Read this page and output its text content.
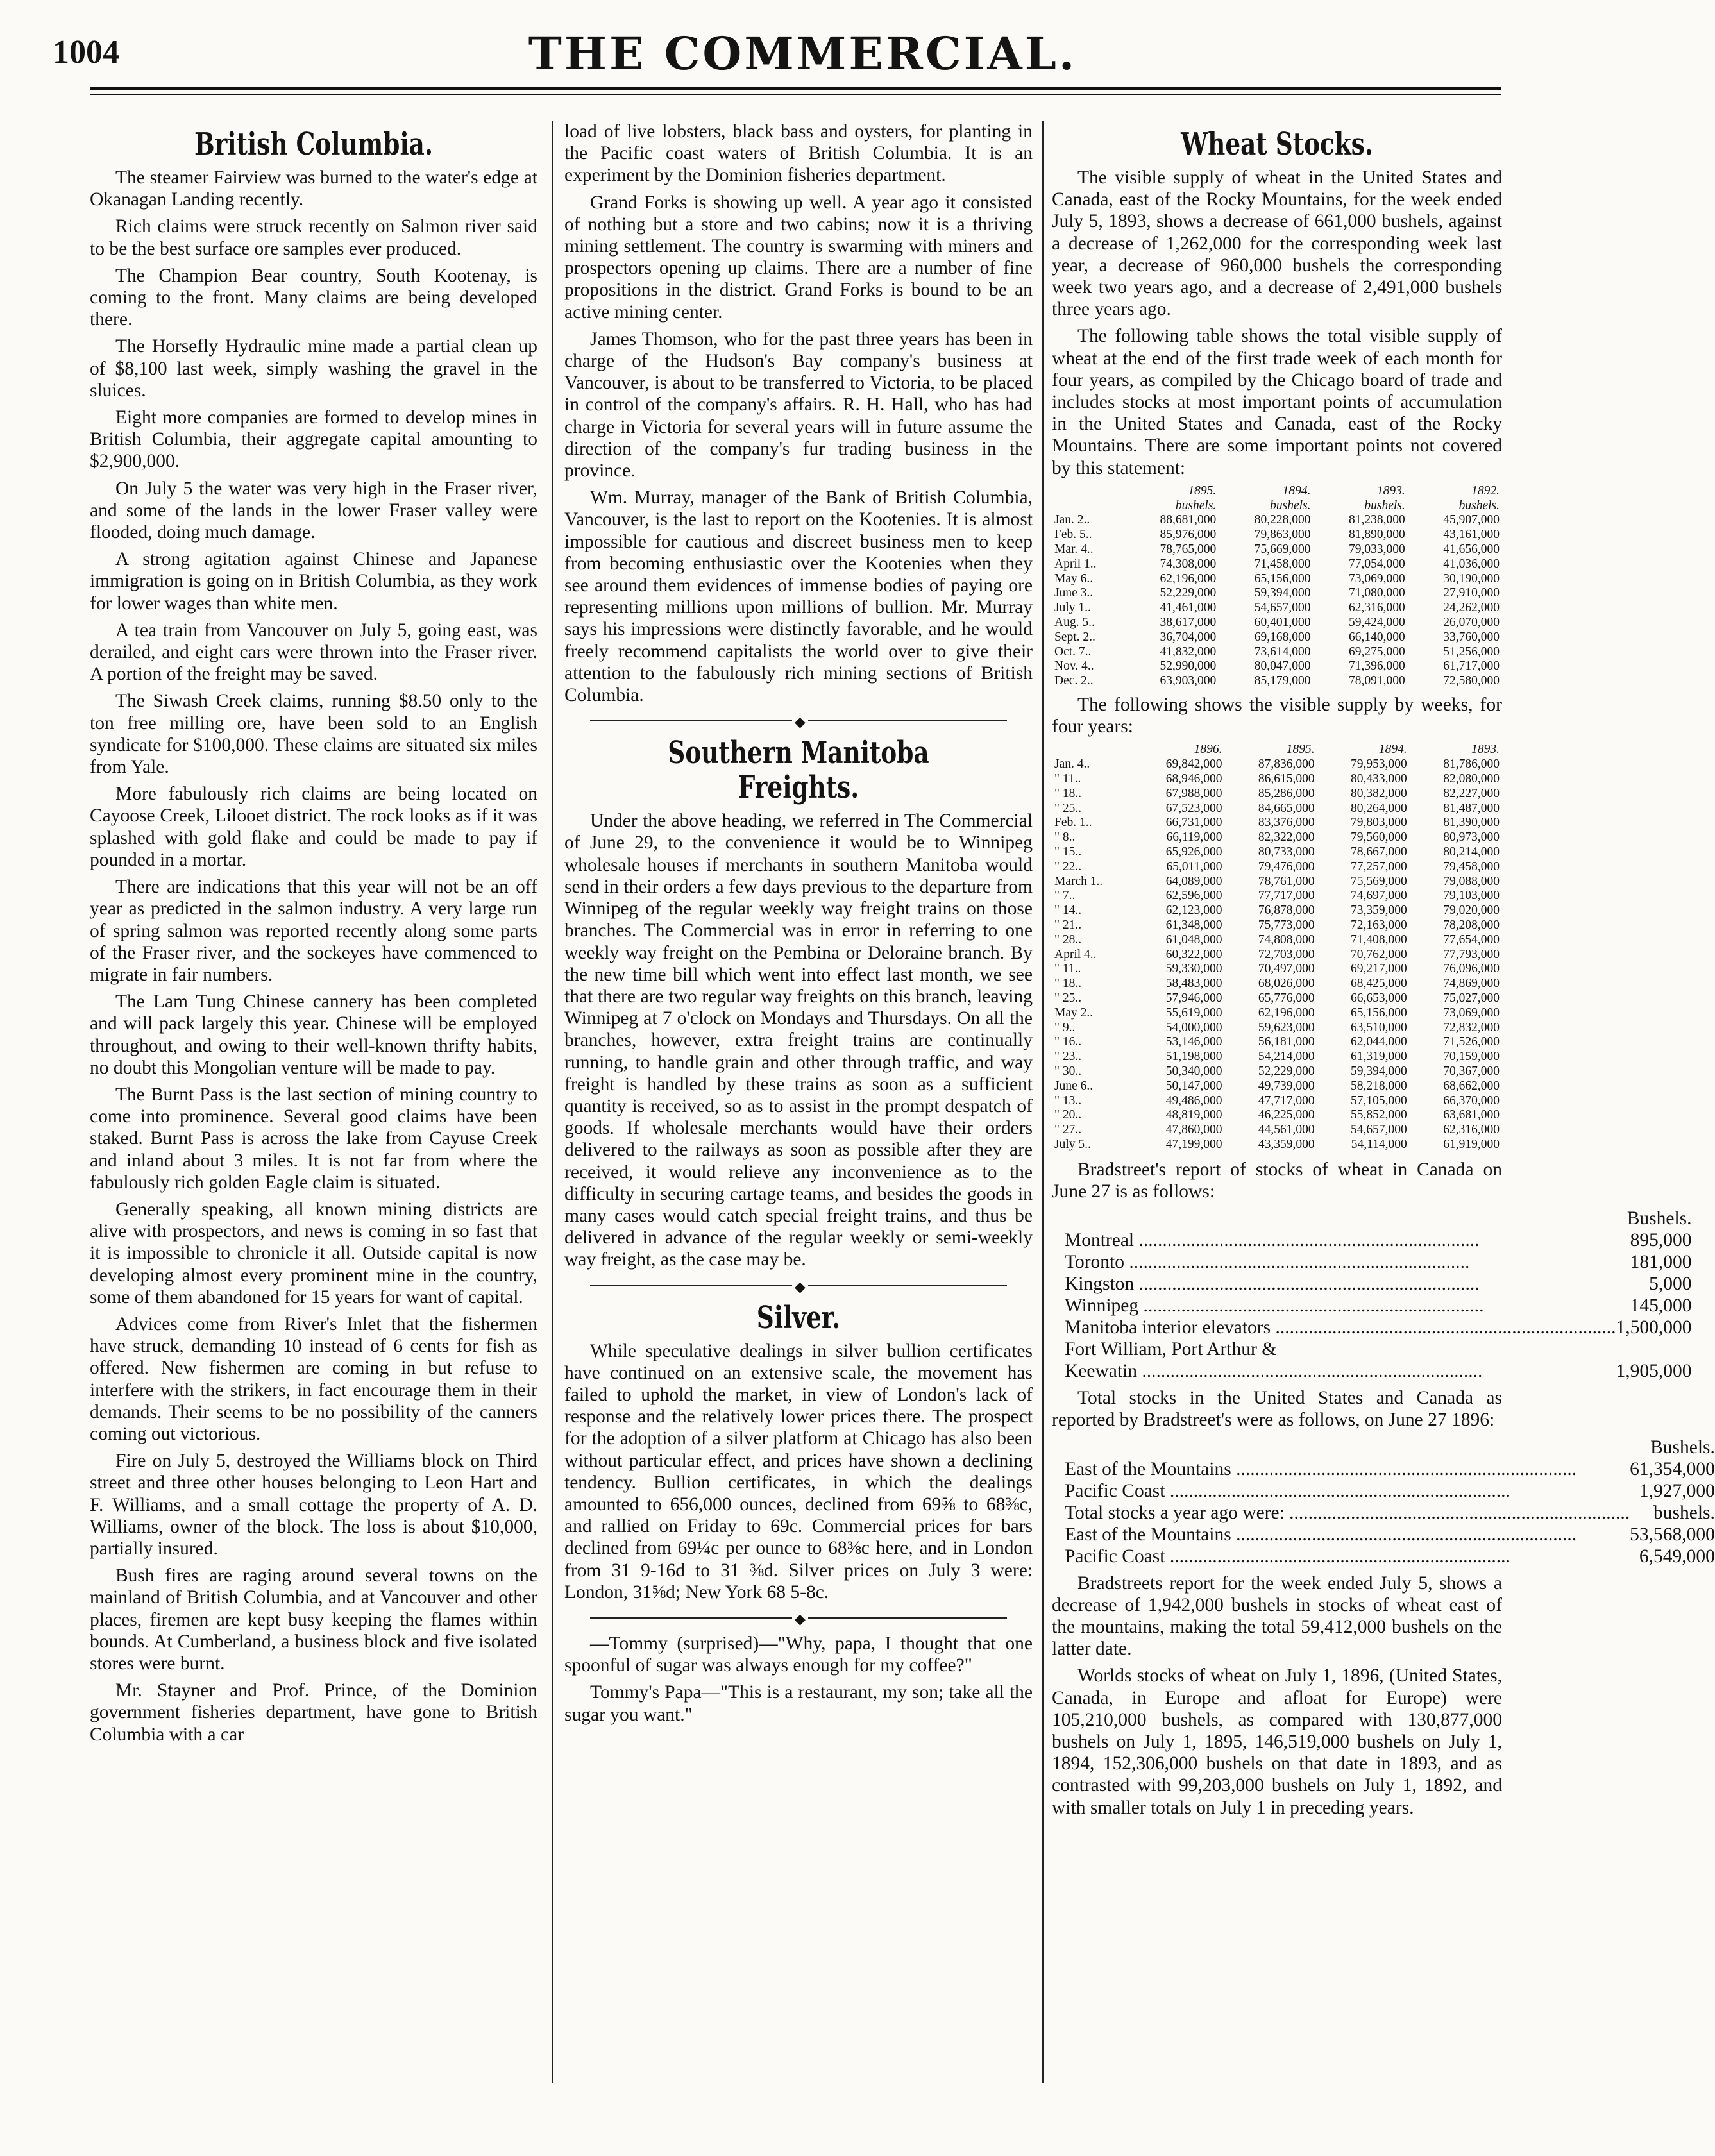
1004	THE COMMERCIAL.
British Columbia.

The steamer Fairview was burned to the water's edge at Okanagan Landing recently.

Rich claims were struck recently on Salmon river said to be the best surface ore samples ever produced.

The Champion Bear country, South Kootenay, is coming to the front. Many claims are being developed there.

The Horsefly Hydraulic mine made a partial clean up of $8,100 last week, simply washing the gravel in the sluices.

Eight more companies are formed to develop mines in British Columbia, their aggregate capital amounting to $2,900,000.

On July 5 the water was very high in the Fraser river, and some of the lands in the lower Fraser valley were flooded, doing much damage.

A strong agitation against Chinese and Japanese immigration is going on in British Columbia, as they work for lower wages than white men.

A tea train from Vancouver on July 5, going east, was derailed, and eight cars were thrown into the Fraser river. A portion of the freight may be saved.

The Siwash Creek claims, running $8.50 only to the ton free milling ore, have been sold to an English syndicate for $100,000. These claims are situated six miles from Yale.

More fabulously rich claims are being located on Cayoose Creek, Lilooet district. The rock looks as if it was splashed with gold flake and could be made to pay if pounded in a mortar.

There are indications that this year will not be an off year as predicted in the salmon industry. A very large run of spring salmon was reported recently along some parts of the Fraser river, and the sockeyes have commenced to migrate in fair numbers.

The Lam Tung Chinese cannery has been completed and will pack largely this year. Chinese will be employed throughout, and owing to their well-known thrifty habits, no doubt this Mongolian venture will be made to pay.

The Burnt Pass is the last section of mining country to come into prominence. Several good claims have been staked. Burnt Pass is across the lake from Cayuse Creek and inland about 3 miles. It is not far from where the fabulously rich golden Eagle claim is situated.

Generally speaking, all known mining districts are alive with prospectors, and news is coming in so fast that it is impossible to chronicle it all. Outside capital is now developing almost every prominent mine in the country, some of them abandoned for 15 years for want of capital.

Advices come from River's Inlet that the fishermen have struck, demanding 10 instead of 6 cents for fish as offered. New fishermen are coming in but refuse to interfere with the strikers, in fact encourage them in their demands. Their seems to be no possibility of the canners coming out victorious.

Fire on July 5, destroyed the Williams block on Third street and three other houses belonging to Leon Hart and F. Williams, and a small cottage the property of A. D. Williams, owner of the block. The loss is about $10,000, partially insured.

Bush fires are raging around several towns on the mainland of British Columbia, and at Vancouver and other places, firemen are kept busy keeping the flames within bounds. At Cumberland, a business block and five isolated stores were burnt.

Mr. Stayner and Prof. Prince, of the Dominion government fisheries department, have gone to British Columbia with a car

load of live lobsters, black bass and oysters, for planting in the Pacific coast waters of British Columbia. It is an experiment by the Dominion fisheries department.

Grand Forks is showing up well. A year ago it consisted of nothing but a store and two cabins; now it is a thriving mining settlement. The country is swarming with miners and prospectors opening up claims. There are a number of fine propositions in the district. Grand Forks is bound to be an active mining center.

James Thomson, who for the past three years has been in charge of the Hudson's Bay company's business at Vancouver, is about to be transferred to Victoria, to be placed in control of the company's affairs. R. H. Hall, who has had charge in Victoria for several years will in future assume the direction of the company's fur trading business in the province.

Wm. Murray, manager of the Bank of British Columbia, Vancouver, is the last to report on the Kootenies. It is almost impossible for cautious and discreet business men to keep from becoming enthusiastic over the Kootenies when they see around them evidences of immense bodies of paying ore representing millions upon millions of bullion. Mr. Murray says his impressions were distinctly favorable, and he would freely recommend capitalists the world over to give their attention to the fabulously rich mining sections of British Columbia.

◆
Southern Manitoba Freights.

Under the above heading, we referred in The Commercial of June 29, to the convenience it would be to Winnipeg wholesale houses if merchants in southern Manitoba would send in their orders a few days previous to the departure from Winnipeg of the regular weekly way freight trains on those branches. The Commercial was in error in referring to one weekly way freight on the Pembina or Deloraine branch. By the new time bill which went into effect last month, we see that there are two regular way freights on this branch, leaving Winnipeg at 7 o'clock on Mondays and Thursdays. On all the branches, however, extra freight trains are continually running, to handle grain and other through traffic, and way freight is handled by these trains as soon as a sufficient quantity is received, so as to assist in the prompt despatch of goods. If wholesale merchants would have their orders delivered to the railways as soon as possible after they are received, it would relieve any inconvenience as to the difficulty in securing cartage teams, and besides the goods in many cases would catch special freight trains, and thus be delivered in advance of the regular weekly or semi-weekly way freight, as the case may be.

◆
Silver.

While speculative dealings in silver bullion certificates have continued on an extensive scale, the movement has failed to uphold the market, in view of London's lack of response and the relatively lower prices there. The prospect for the adoption of a silver platform at Chicago has also been without particular effect, and prices have shown a declining tendency. Bullion certificates, in which the dealings amounted to 656,000 ounces, declined from 69⅝ to 68⅜c, and rallied on Friday to 69c. Commercial prices for bars declined from 69¼c per ounce to 68⅜c here, and in London from 31 9-16d to 31 ⅜d. Silver prices on July 3 were: London, 31⅝d; New York 68 5-8c.

◆

—Tommy (surprised)—"Why, papa, I thought that one spoonful of sugar was always enough for my coffee?"

Tommy's Papa—"This is a restaurant, my son; take all the sugar you want."

Wheat Stocks.

The visible supply of wheat in the United States and Canada, east of the Rocky Mountains, for the week ended July 5, 1893, shows a decrease of 661,000 bushels, against a decrease of 1,262,000 for the corresponding week last year, a decrease of 960,000 bushels the corresponding week two years ago, and a decrease of 2,491,000 bushels three years ago.

The following table shows the total visible supply of wheat at the end of the first trade week of each month for four years, as compiled by the Chicago board of trade and includes stocks at most important points of accumulation in the United States and Canada, east of the Rocky Mountains. There are some important points not covered by this statement:

	1895.	1894.	1893.	1892.
	bushels.	bushels.	bushels.	bushels.
Jan. 2..	88,681,000	80,228,000	81,238,000	45,907,000
Feb. 5..	85,976,000	79,863,000	81,890,000	43,161,000
Mar. 4..	78,765,000	75,669,000	79,033,000	41,656,000
April 1..	74,308,000	71,458,000	77,054,000	41,036,000
May 6..	62,196,000	65,156,000	73,069,000	30,190,000
June 3..	52,229,000	59,394,000	71,080,000	27,910,000
July 1..	41,461,000	54,657,000	62,316,000	24,262,000
Aug. 5..	38,617,000	60,401,000	59,424,000	26,070,000
Sept. 2..	36,704,000	69,168,000	66,140,000	33,760,000
Oct. 7..	41,832,000	73,614,000	69,275,000	51,256,000
Nov. 4..	52,990,000	80,047,000	71,396,000	61,717,000
Dec. 2..	63,903,000	85,179,000	78,091,000	72,580,000

The following shows the visible supply by weeks, for four years:

	1896.	1895.	1894.	1893.
Jan. 4..	69,842,000	87,836,000	79,953,000	81,786,000
" 11..	68,946,000	86,615,000	80,433,000	82,080,000
" 18..	67,988,000	85,286,000	80,382,000	82,227,000
" 25..	67,523,000	84,665,000	80,264,000	81,487,000
Feb. 1..	66,731,000	83,376,000	79,803,000	81,390,000
" 8..	66,119,000	82,322,000	79,560,000	80,973,000
" 15..	65,926,000	80,733,000	78,667,000	80,214,000
" 22..	65,011,000	79,476,000	77,257,000	79,458,000
March 1..	64,089,000	78,761,000	75,569,000	79,088,000
" 7..	62,596,000	77,717,000	74,697,000	79,103,000
" 14..	62,123,000	76,878,000	73,359,000	79,020,000
" 21..	61,348,000	75,773,000	72,163,000	78,208,000
" 28..	61,048,000	74,808,000	71,408,000	77,654,000
April 4..	60,322,000	72,703,000	70,762,000	77,793,000
" 11..	59,330,000	70,497,000	69,217,000	76,096,000
" 18..	58,483,000	68,026,000	68,425,000	74,869,000
" 25..	57,946,000	65,776,000	66,653,000	75,027,000
May 2..	55,619,000	62,196,000	65,156,000	73,069,000
" 9..	54,000,000	59,623,000	63,510,000	72,832,000
" 16..	53,146,000	56,181,000	62,044,000	71,526,000
" 23..	51,198,000	54,214,000	61,319,000	70,159,000
" 30..	50,340,000	52,229,000	59,394,000	70,367,000
June 6..	50,147,000	49,739,000	58,218,000	68,662,000
" 13..	49,486,000	47,717,000	57,105,000	66,370,000
" 20..	48,819,000	46,225,000	55,852,000	63,681,000
" 27..	47,860,000	44,561,000	54,657,000	62,316,000
July 5..	47,199,000	43,359,000	54,114,000	61,919,000

Bradstreet's report of stocks of wheat in Canada on June 27 is as follows:

	Bushels.
Montreal .....	895,000
Toronto .....	181,000
Kingston .....	5,000
Winnipeg .....	145,000
Manitoba interior elevators .....	1,500,000
Fort William, Port Arthur &	
Keewatin .....	1,905,000

Total stocks in the United States and Canada as reported by Bradstreet's were as follows, on June 27 1896:

	Bushels.
East of the Mountains .....	61,354,000
Pacific Coast .....	1,927,000
Total stocks a year ago were: .....	bushels.
East of the Mountains .....	53,568,000
Pacific Coast .....	6,549,000

Bradstreets report for the week ended July 5, shows a decrease of 1,942,000 bushels in stocks of wheat east of the mountains, making the total 59,412,000 bushels on the latter date.

Worlds stocks of wheat on July 1, 1896, (United States, Canada, in Europe and afloat for Europe) were 105,210,000 bushels, as compared with 130,877,000 bushels on July 1, 1895, 146,519,000 bushels on July 1, 1894, 152,306,000 bushels on that date in 1893, and as contrasted with 99,203,000 bushels on July 1, 1892, and with smaller totals on July 1 in preceding years.
